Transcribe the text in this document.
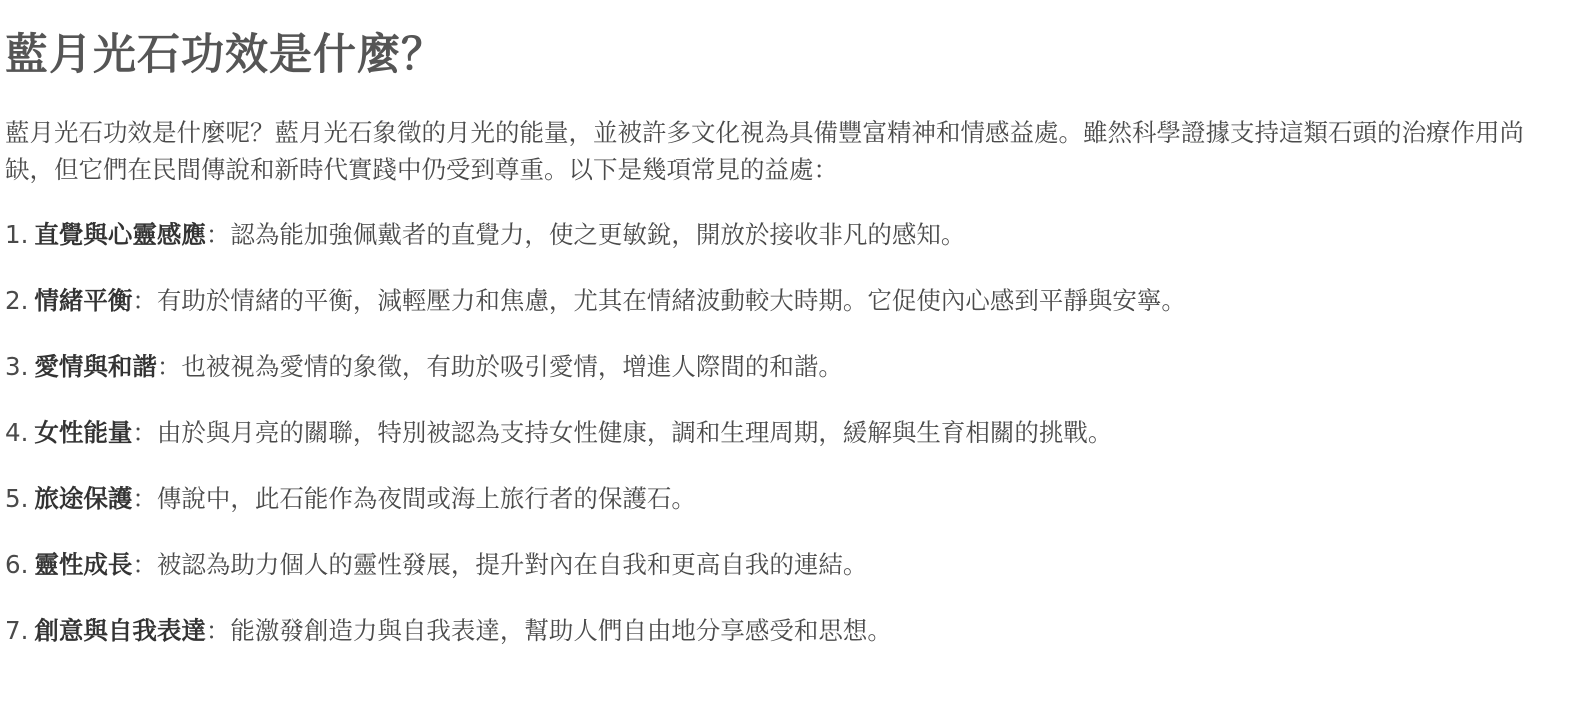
藍月光石功效是什麼？

藍月光石功效是什麼呢？藍月光石象徵的月光的能量，並被許多文化視為具備豐富精神和情感益處。雖然科學證據支持這類石頭的治療作用尚缺，但它們在民間傳說和新時代實踐中仍受到尊重。以下是幾項常見的益處：

1. 直覺與心靈感應：認為能加強佩戴者的直覺力，使之更敏銳，開放於接收非凡的感知。
2. 情緒平衡：有助於情緒的平衡，減輕壓力和焦慮，尤其在情緒波動較大時期。它促使內心感到平靜與安寧。
3. 愛情與和諧：也被視為愛情的象徵，有助於吸引愛情，增進人際間的和諧。
4. 女性能量：由於與月亮的關聯，特別被認為支持女性健康，調和生理周期，緩解與生育相關的挑戰。
5. 旅途保護：傳說中，此石能作為夜間或海上旅行者的保護石。
6. 靈性成長：被認為助力個人的靈性發展，提升對內在自我和更高自我的連結。
7. 創意與自我表達：能激發創造力與自我表達，幫助人們自由地分享感受和思想。
